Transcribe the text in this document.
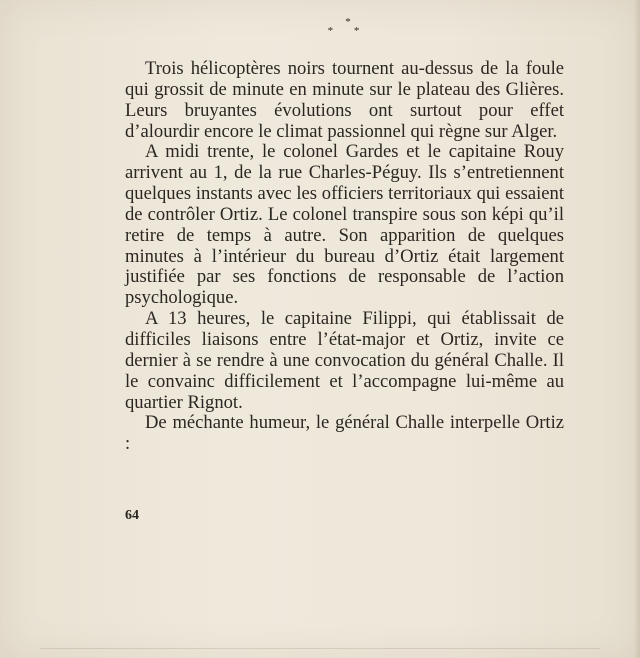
*
* *

Trois hélicoptères noirs tournent au-dessus de la foule qui grossit de minute en minute sur le plateau des Glières. Leurs bruyantes évolutions ont surtout pour effet d’alourdir encore le climat passionnel qui règne sur Alger.

A midi trente, le colonel Gardes et le capitaine Rouy arrivent au 1, de la rue Charles-Péguy. Ils s’entretiennent quelques instants avec les officiers territoriaux qui essaient de contrôler Ortiz. Le colonel transpire sous son képi qu’il retire de temps à autre. Son apparition de quelques minutes à l’intérieur du bureau d’Ortiz était largement justifiée par ses fonctions de responsable de l’action psychologique.

A 13 heures, le capitaine Filippi, qui établissait de difficiles liaisons entre l’état-major et Ortiz, invite ce dernier à se rendre à une convocation du général Challe. Il le convainc difficilement et l’accompagne lui-même au quartier Rignot.

De méchante humeur, le général Challe interpelle Ortiz :

64
